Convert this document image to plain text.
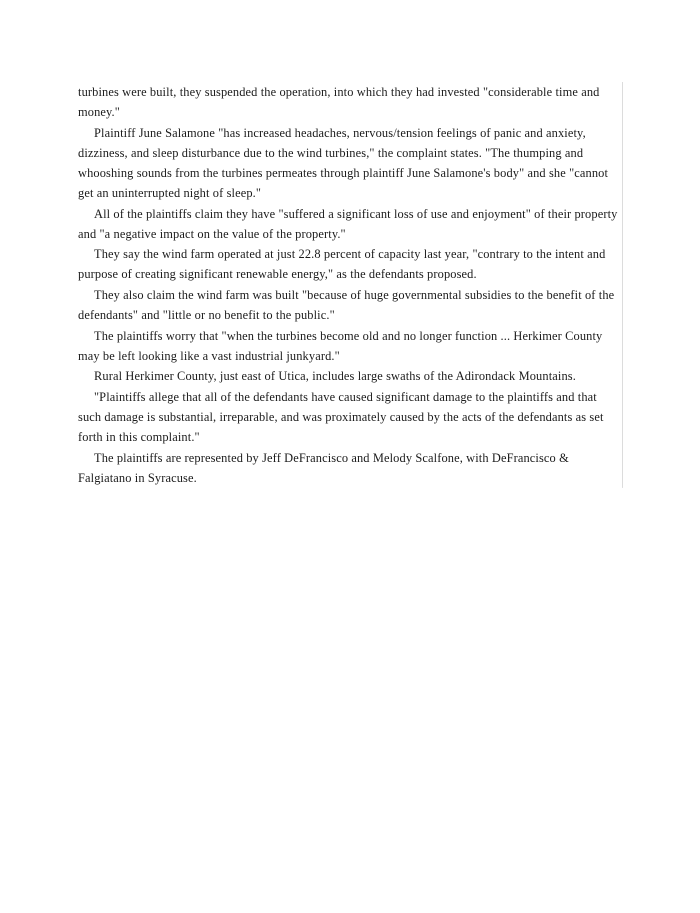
turbines were built, they suspended the operation, into which they had invested "considerable time and money."

Plaintiff June Salamone "has increased headaches, nervous/tension feelings of panic and anxiety, dizziness, and sleep disturbance due to the wind turbines," the complaint states. "The thumping and whooshing sounds from the turbines permeates through plaintiff June Salamone's body" and she "cannot get an uninterrupted night of sleep."

All of the plaintiffs claim they have "suffered a significant loss of use and enjoyment" of their property and "a negative impact on the value of the property."

They say the wind farm operated at just 22.8 percent of capacity last year, "contrary to the intent and purpose of creating significant renewable energy," as the defendants proposed.

They also claim the wind farm was built "because of huge governmental subsidies to the benefit of the defendants" and "little or no benefit to the public."

The plaintiffs worry that "when the turbines become old and no longer function ... Herkimer County may be left looking like a vast industrial junkyard."

Rural Herkimer County, just east of Utica, includes large swaths of the Adirondack Mountains.

"Plaintiffs allege that all of the defendants have caused significant damage to the plaintiffs and that such damage is substantial, irreparable, and was proximately caused by the acts of the defendants as set forth in this complaint."

The plaintiffs are represented by Jeff DeFrancisco and Melody Scalfone, with DeFrancisco & Falgiatano in Syracuse.
